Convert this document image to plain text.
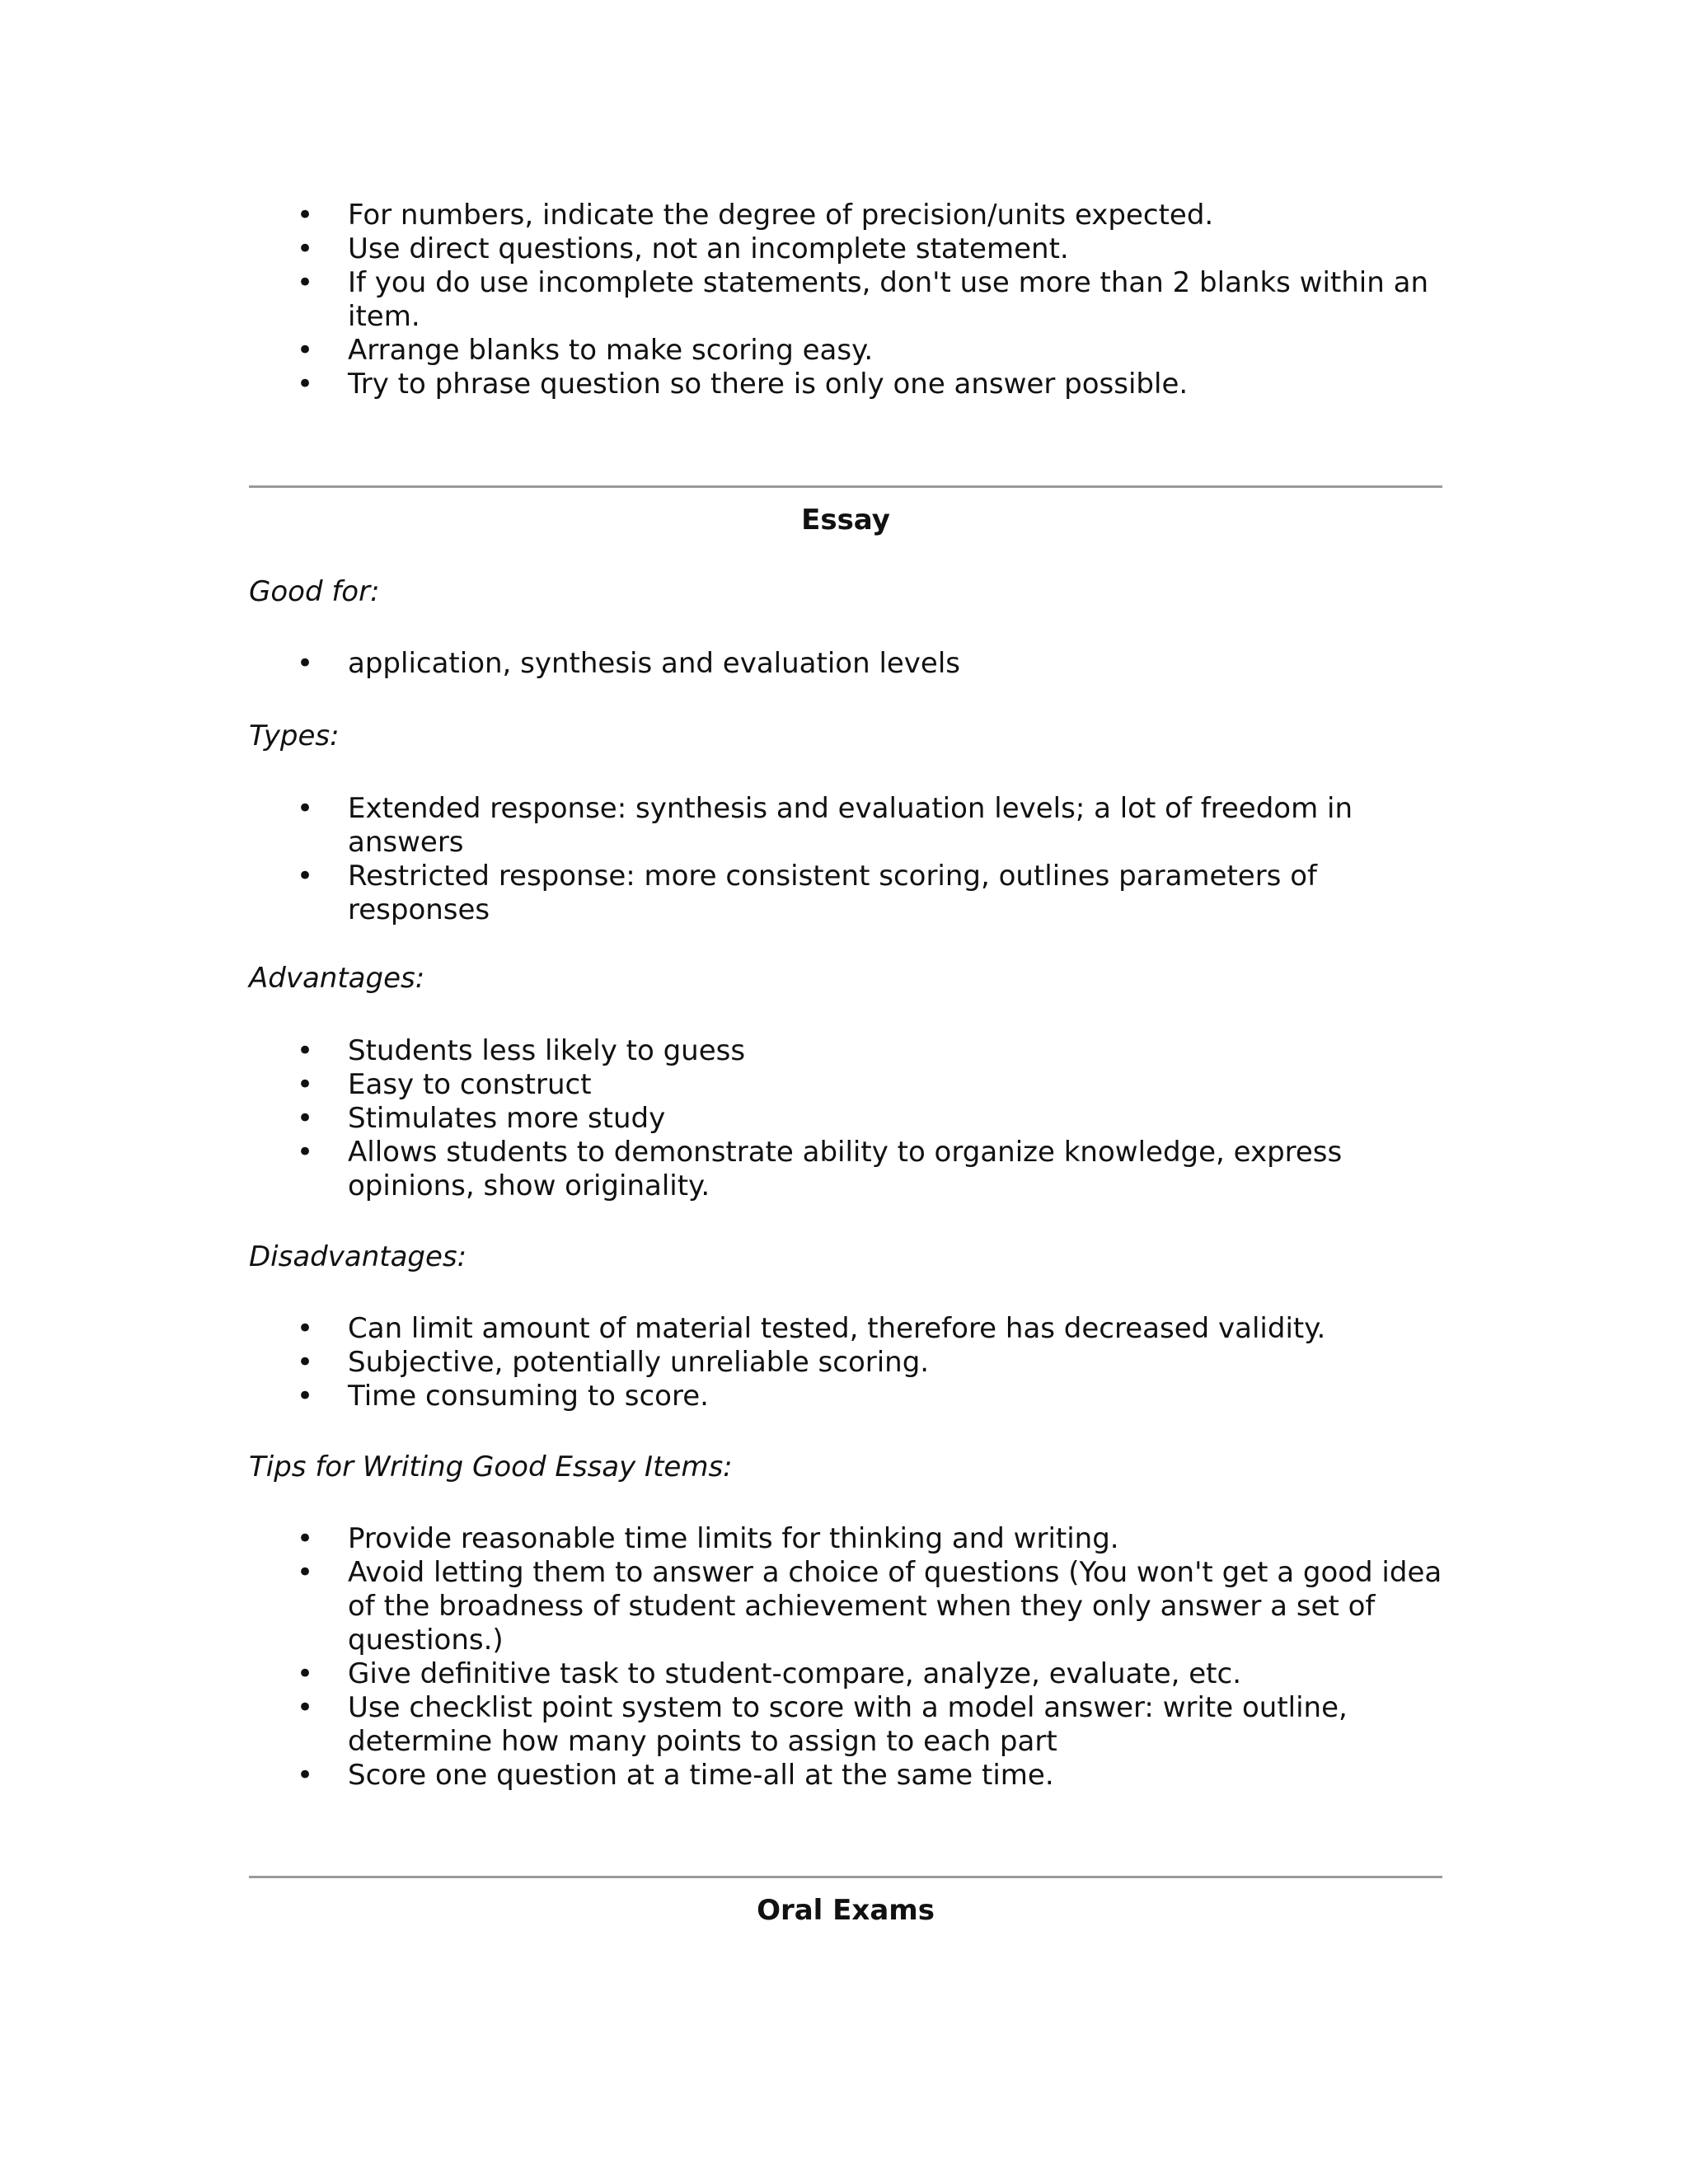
• For numbers, indicate the degree of precision/units expected.
• Use direct questions, not an incomplete statement.
• If you do use incomplete statements, don't use more than 2 blanks within an item.
• Arrange blanks to make scoring easy.
• Try to phrase question so there is only one answer possible.
Essay

Good for:

• application, synthesis and evaluation levels

Types:

• Extended response: synthesis and evaluation levels; a lot of freedom in answers
• Restricted response: more consistent scoring, outlines parameters of responses

Advantages:

• Students less likely to guess
• Easy to construct
• Stimulates more study
• Allows students to demonstrate ability to organize knowledge, express opinions, show originality.

Disadvantages:

• Can limit amount of material tested, therefore has decreased validity.
• Subjective, potentially unreliable scoring.
• Time consuming to score.

Tips for Writing Good Essay Items:

• Provide reasonable time limits for thinking and writing.
• Avoid letting them to answer a choice of questions (You won't get a good idea of the broadness of student achievement when they only answer a set of questions.)
• Give definitive task to student-compare, analyze, evaluate, etc.
• Use checklist point system to score with a model answer: write outline, determine how many points to assign to each part
• Score one question at a time-all at the same time.
Oral Exams
